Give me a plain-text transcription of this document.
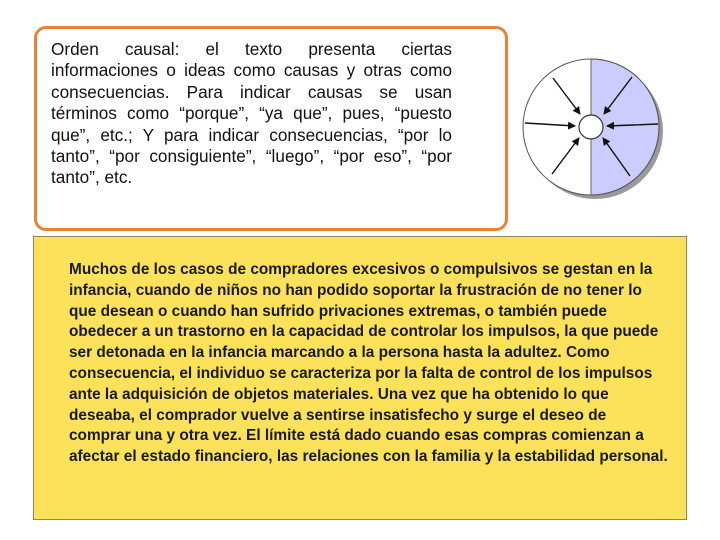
Orden causal: el texto presenta ciertas informaciones o ideas como causas y otras como consecuencias. Para indicar causas se usan términos como “porque”, “ya que”, pues, “puesto que”, etc.; Y para indicar consecuencias, “por lo tanto”, “por consiguiente”, “luego”, “por eso”, “por tanto”, etc.

Muchos de los casos de compradores excesivos o compulsivos se gestan en la infancia, cuando de niños no han podido soportar la frustración de no tener lo que desean o cuando han sufrido privaciones extremas, o también puede obedecer a un trastorno en la capacidad de controlar los impulsos, la que puede ser detonada en la infancia marcando a la persona hasta la adultez. Como consecuencia, el individuo se caracteriza por la falta de control de los impulsos ante la adquisición de objetos materiales. Una vez que ha obtenido lo que deseaba, el comprador vuelve a sentirse insatisfecho y surge el deseo de comprar una y otra vez. El límite está dado cuando esas compras comienzan a afectar el estado financiero, las relaciones con la familia y la estabilidad personal.
